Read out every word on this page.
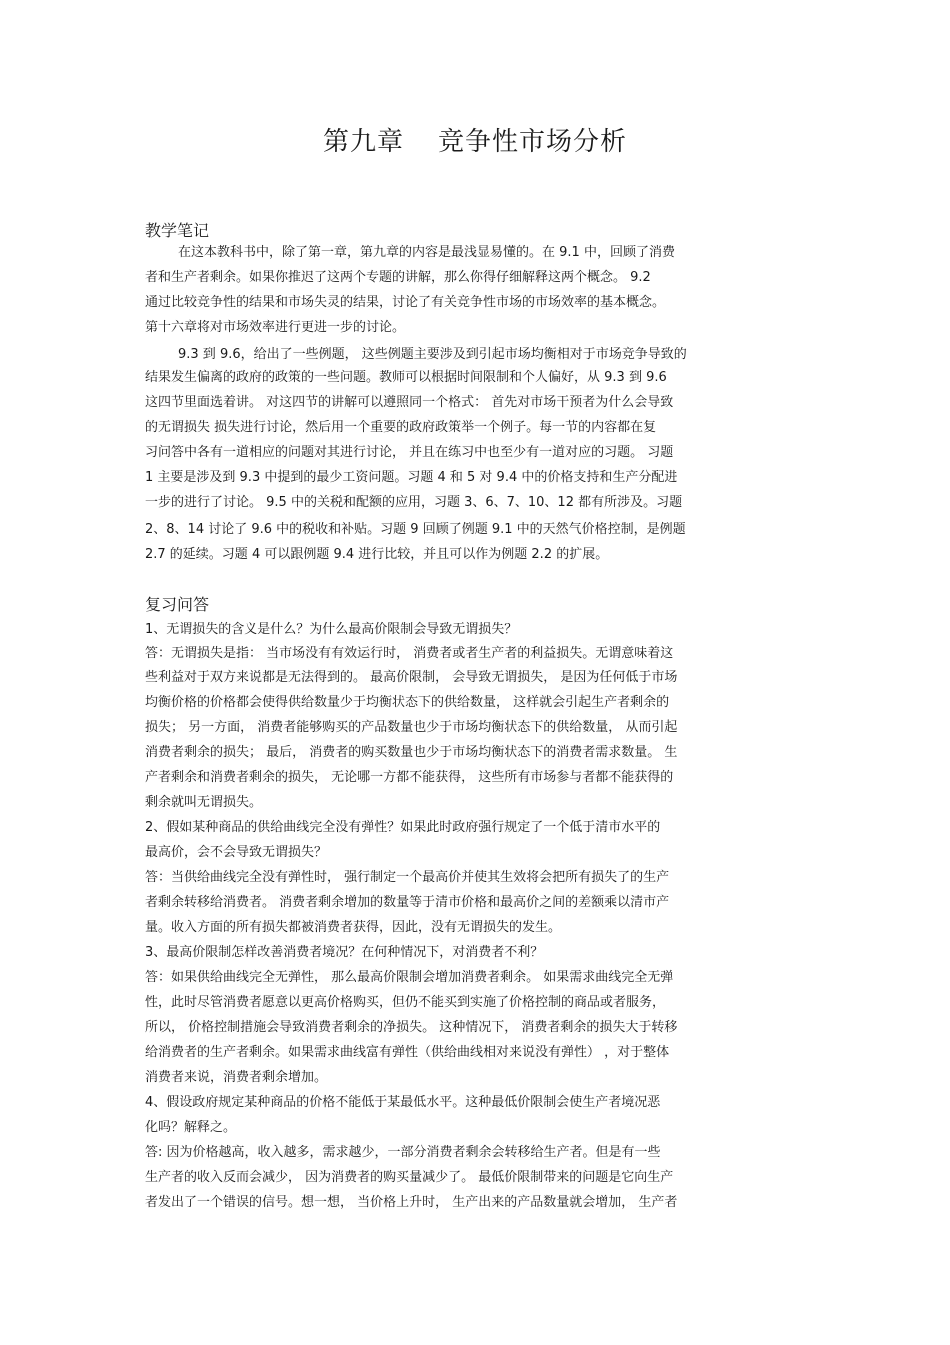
第九章 竞争性市场分析
教学笔记
在这本教科书中，除了第一章，第九章的内容是最浅显易懂的。在 9.1 中，回顾了消费
者和生产者剩余。如果你推迟了这两个专题的讲解，那么你得仔细解释这两个概念。 9.2
通过比较竞争性的结果和市场失灵的结果，讨论了有关竞争性市场的市场效率的基本概念。
第十六章将对市场效率进行更进一步的讨论。
9.3 到 9.6，给出了一些例题， 这些例题主要涉及到引起市场均衡相对于市场竞争导致的
结果发生偏离的政府的政策的一些问题。教师可以根据时间限制和个人偏好，从 9.3 到 9.6
这四节里面选着讲。 对这四节的讲解可以遵照同一个格式： 首先对市场干预者为什么会导致
的无谓损失 损失进行讨论，然后用一个重要的政府政策举一个例子。每一节的内容都在复
习问答中各有一道相应的问题对其进行讨论， 并且在练习中也至少有一道对应的习题。 习题
1 主要是涉及到 9.3 中提到的最少工资问题。习题 4 和 5 对 9.4 中的价格支持和生产分配进
一步的进行了讨论。 9.5 中的关税和配额的应用，习题 3、6、7、10、12 都有所涉及。习题
2、8、14 讨论了 9.6 中的税收和补贴。习题 9 回顾了例题 9.1 中的天然气价格控制，是例题
2.7 的延续。习题 4 可以跟例题 9.4 进行比较，并且可以作为例题 2.2 的扩展。
复习问答
1、无谓损失的含义是什么？为什么最高价限制会导致无谓损失？
答：无谓损失是指： 当市场没有有效运行时， 消费者或者生产者的利益损失。无谓意味着这
些利益对于双方来说都是无法得到的。 最高价限制， 会导致无谓损失， 是因为任何低于市场
均衡价格的价格都会使得供给数量少于均衡状态下的供给数量， 这样就会引起生产者剩余的
损失； 另一方面， 消费者能够购买的产品数量也少于市场均衡状态下的供给数量， 从而引起
消费者剩余的损失； 最后， 消费者的购买数量也少于市场均衡状态下的消费者需求数量。 生
产者剩余和消费者剩余的损失， 无论哪一方都不能获得， 这些所有市场参与者都不能获得的
剩余就叫无谓损失。
2、假如某种商品的供给曲线完全没有弹性？如果此时政府强行规定了一个低于清市水平的
最高价，会不会导致无谓损失？
答：当供给曲线完全没有弹性时， 强行制定一个最高价并使其生效将会把所有损失了的生产
者剩余转移给消费者。 消费者剩余增加的数量等于清市价格和最高价之间的差额乘以清市产
量。收入方面的所有损失都被消费者获得，因此，没有无谓损失的发生。
3、最高价限制怎样改善消费者境况？在何种情况下，对消费者不利？
答：如果供给曲线完全无弹性， 那么最高价限制会增加消费者剩余。 如果需求曲线完全无弹
性，此时尽管消费者愿意以更高价格购买，但仍不能买到实施了价格控制的商品或者服务，
所以， 价格控制措施会导致消费者剩余的净损失。 这种情况下， 消费者剩余的损失大于转移
给消费者的生产者剩余。如果需求曲线富有弹性（供给曲线相对来说没有弹性） ，对于整体
消费者来说，消费者剩余增加。
4、假设政府规定某种商品的价格不能低于某最低水平。这种最低价限制会使生产者境况恶
化吗？解释之。
答: 因为价格越高，收入越多，需求越少，一部分消费者剩余会转移给生产者。但是有一些
生产者的收入反而会减少， 因为消费者的购买量减少了。 最低价限制带来的问题是它向生产
者发出了一个错误的信号。想一想， 当价格上升时， 生产出来的产品数量就会增加， 生产者
